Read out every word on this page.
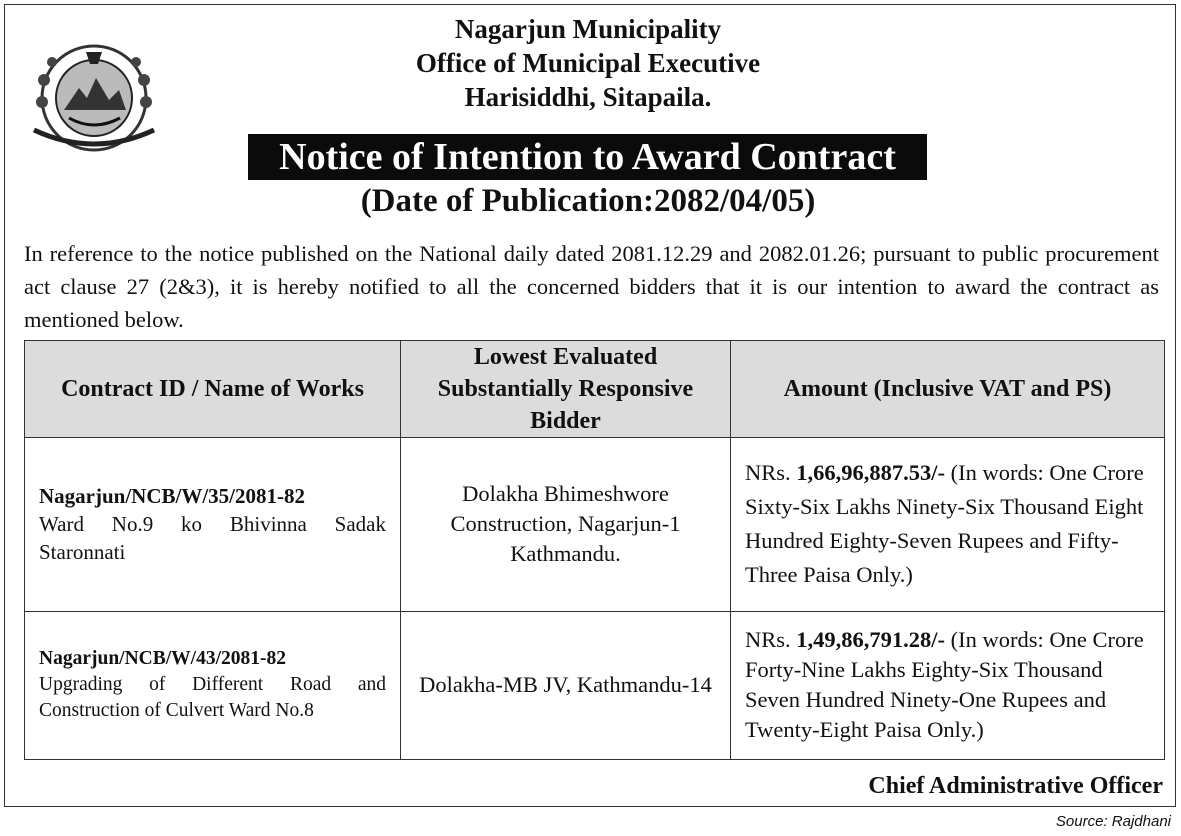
Nagarjun Municipality
Office of Municipal Executive
Harisiddhi, Sitapaila.
Notice of Intention to Award Contract
(Date of Publication:2082/04/05)
In reference to the notice published on the National daily dated 2081.12.29 and 2082.01.26; pursuant to public procurement act clause 27 (2&3), it is hereby notified to all the concerned bidders that it is our intention to award the contract as mentioned below.
Contract ID / Name of Works	Lowest Evaluated Substantially Responsive Bidder	Amount (Inclusive VAT and PS)

Nagarjun/NCB/W/35/2081-82
Ward No.9 ko Bhivinna Sadak Staronnati	Dolakha Bhimeshwore Construction, Nagarjun-1 Kathmandu.	NRs. 1,66,96,887.53/- (In words: One Crore Sixty-Six Lakhs Ninety-Six Thousand Eight Hundred Eighty-Seven Rupees and Fifty-Three Paisa Only.)

Nagarjun/NCB/W/43/2081-82
Upgrading of Different Road and Construction of Culvert Ward No.8	Dolakha-MB JV, Kathmandu-14	NRs. 1,49,86,791.28/- (In words: One Crore Forty-Nine Lakhs Eighty-Six Thousand Seven Hundred Ninety-One Rupees and Twenty-Eight Paisa Only.)
Chief Administrative Officer
Source: Rajdhani
